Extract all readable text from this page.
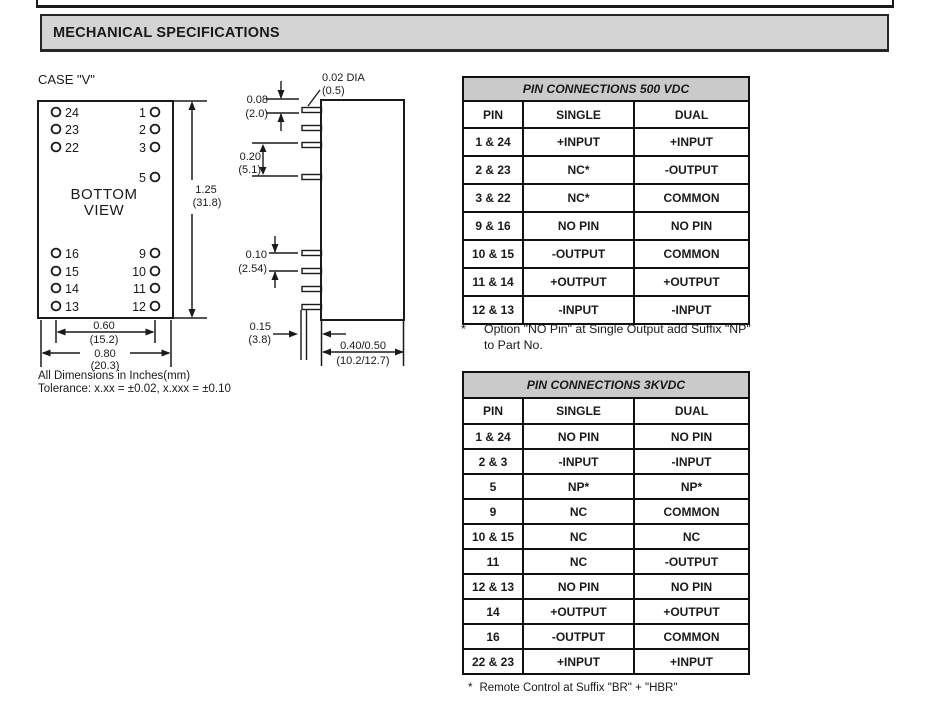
MECHANICAL SPECIFICATIONS
CASE "V"
24
23
22
1
2
3
5
16
15
14
13
9
10
11
12
BOTTOM
VIEW
1.25
(31.8)
0.60
(15.2)
0.80
(20.3)
0.02 DIA
(0.5)
0.08
(2.0)
0.20
(5.1)
0.10
(2.54)
0.15
(3.8)	0.40/0.50
(10.2/12.7)
All Dimensions in Inches(mm)
Tolerance: x.xx = ±0.02, x.xxx = ±0.10
PIN CONNECTIONS 500 VDC		
PIN	SINGLE	DUAL
1 & 24	+INPUT	+INPUT
2 & 23	NC*	-OUTPUT
3 & 22	NC*	COMMON
9 & 16	NO PIN	NO PIN
10 & 15	-OUTPUT	COMMON
11 & 14	+OUTPUT	+OUTPUT
12 & 13	-INPUT	-INPUT
*	Option "NO Pin" at Single Output add Suffix "NP"
to Part No.
PIN CONNECTIONS 3KVDC		
PIN	SINGLE	DUAL
1 & 24	NO PIN	NO PIN
2 & 3	-INPUT	-INPUT
5	NP*	NP*
9	NC	COMMON
10 & 15	NC	NC
11	NC	-OUTPUT
12 & 13	NO PIN	NO PIN
14	+OUTPUT	+OUTPUT
16	-OUTPUT	COMMON
22 & 23	+INPUT	+INPUT
* Remote Control at Suffix "BR" + "HBR"
